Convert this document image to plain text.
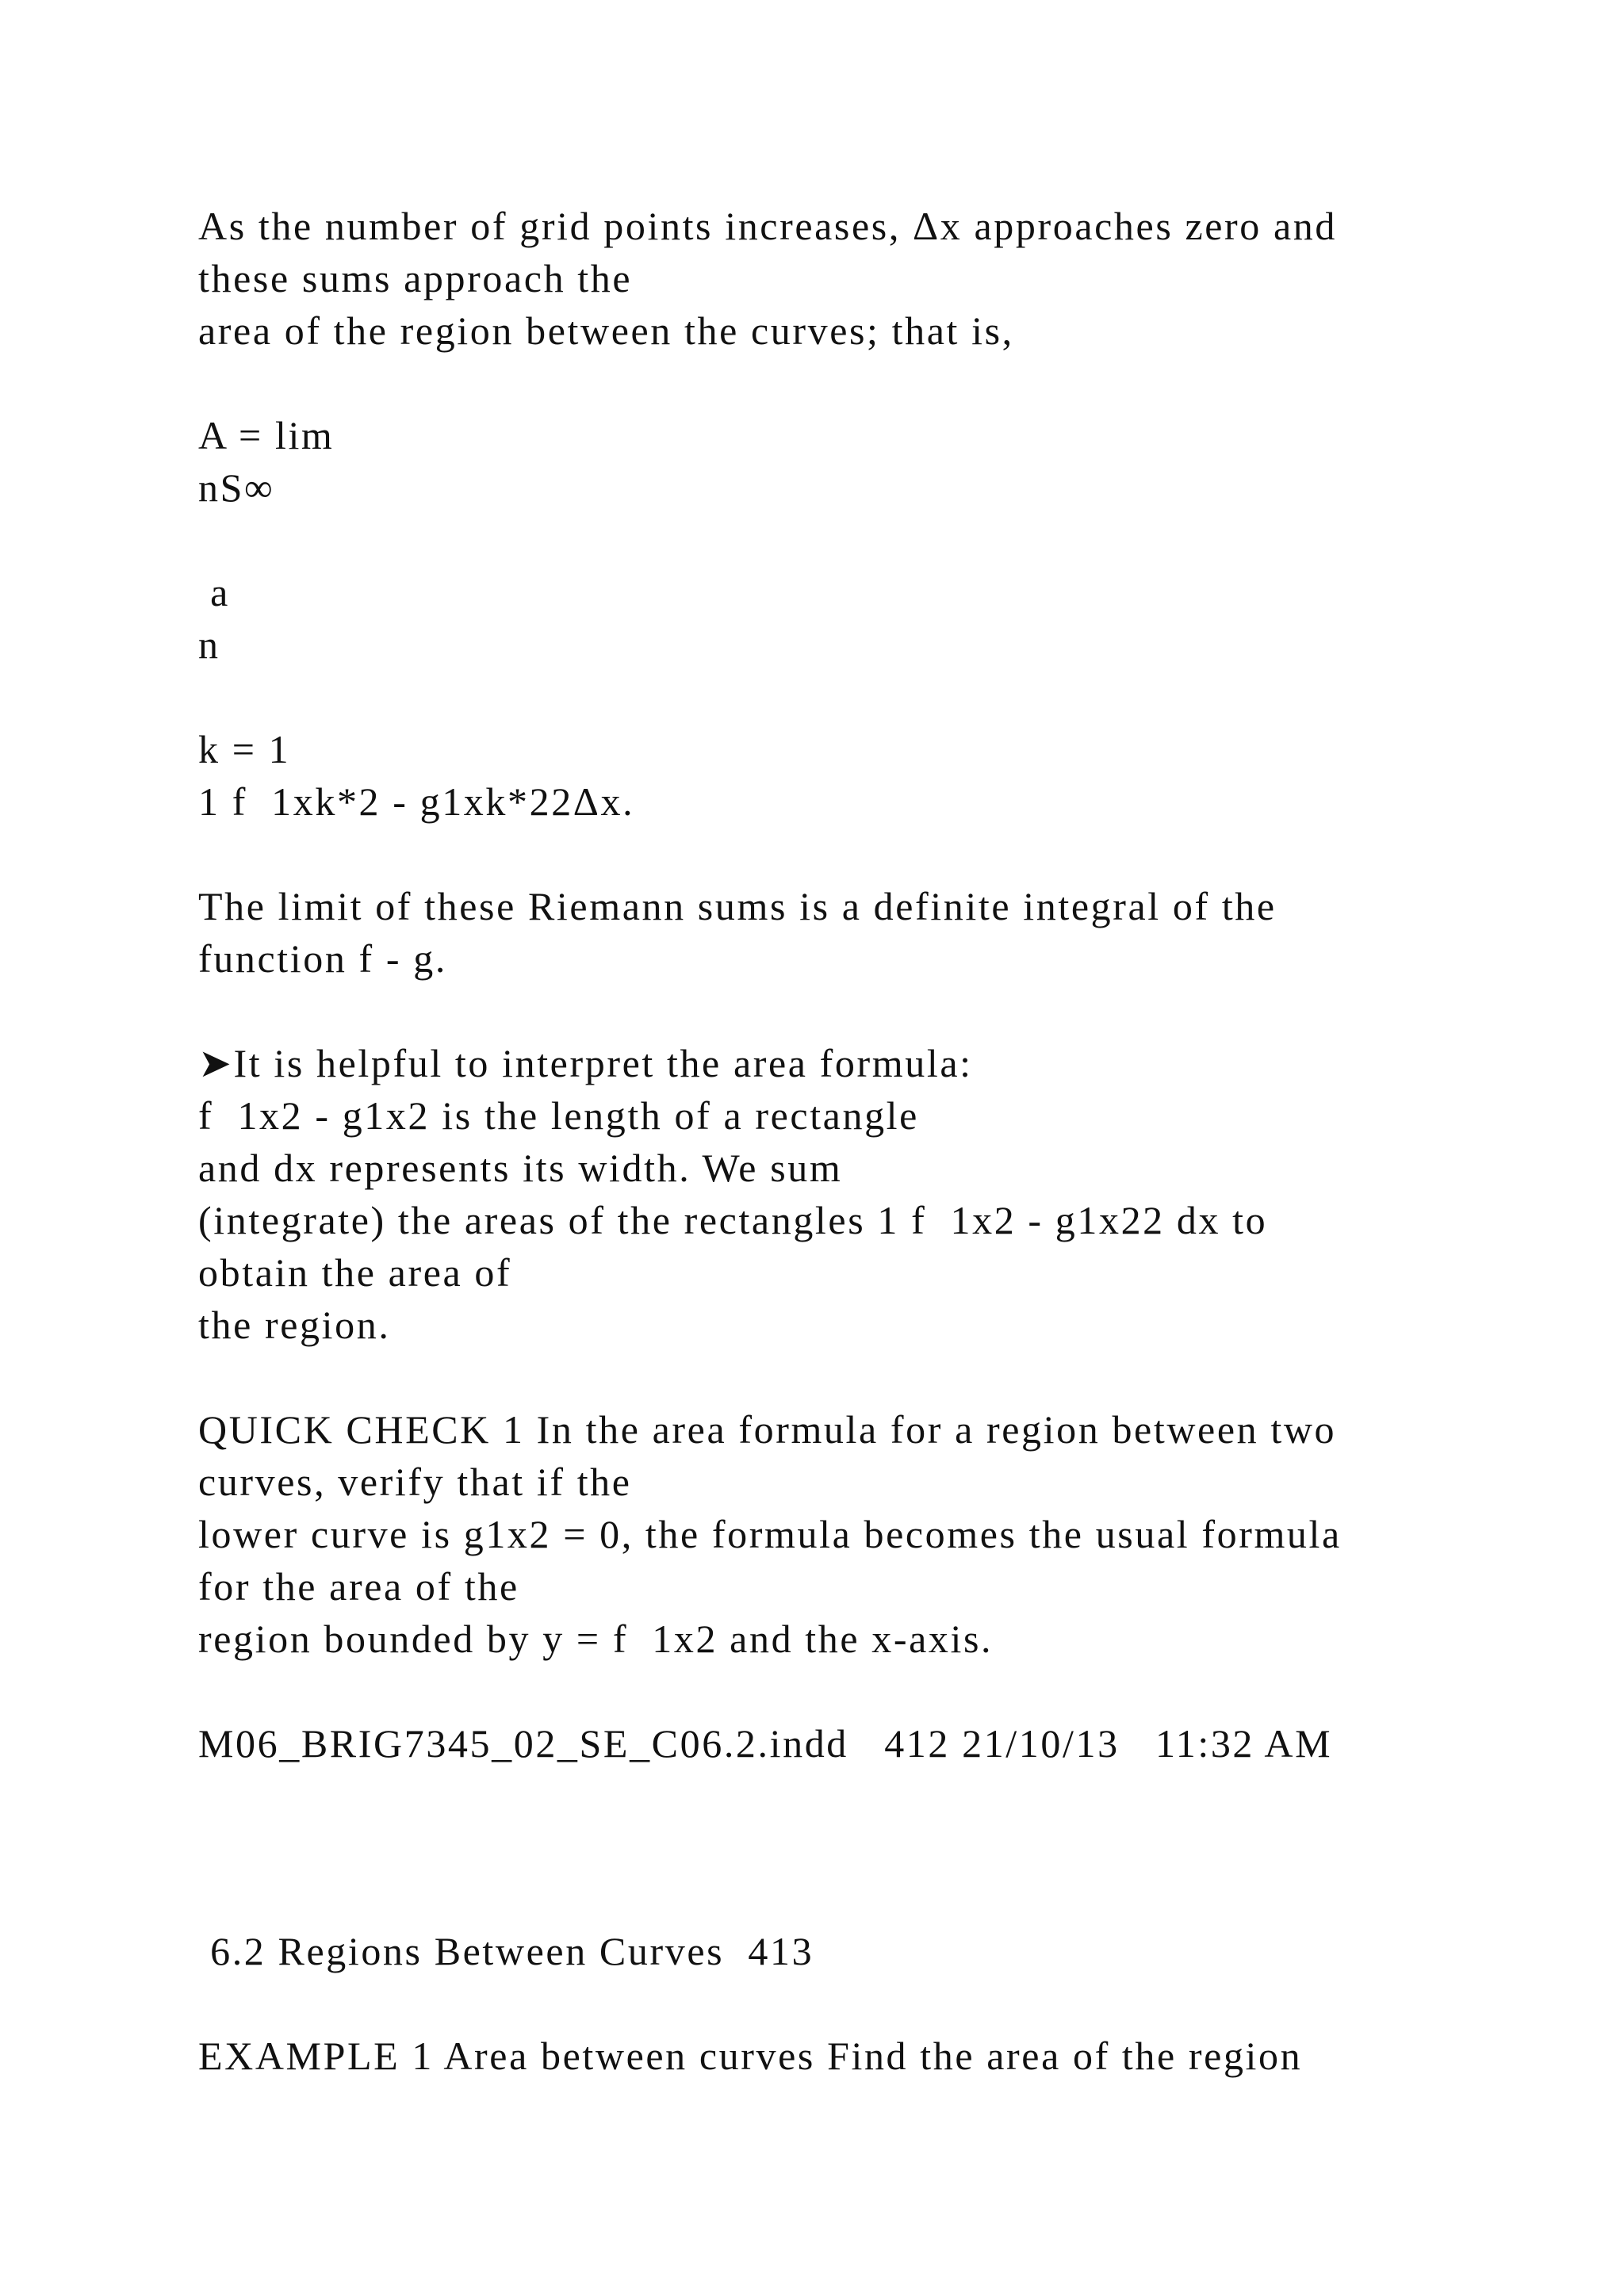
As the number of grid points increases, Δx approaches zero and

these sums approach the

area of the region between the curves; that is,

A = lim

nS∞

a

n

k = 1

1 f  1xk*2 - g1xk*22Δx.

The limit of these Riemann sums is a definite integral of the

function f - g.

➤It is helpful to interpret the area formula:

f  1x2 - g1x2 is the length of a rectangle

and dx represents its width. We sum

(integrate) the areas of the rectangles 1 f  1x2 - g1x22 dx to

obtain the area of

the region.

QUICK CHECK 1 In the area formula for a region between two

curves, verify that if the

lower curve is g1x2 = 0, the formula becomes the usual formula

for the area of the

region bounded by y = f  1x2 and the x-axis.

M06_BRIG7345_02_SE_C06.2.indd   412 21/10/13   11:32 AM

6.2 Regions Between Curves  413

EXAMPLE 1 Area between curves Find the area of the region
